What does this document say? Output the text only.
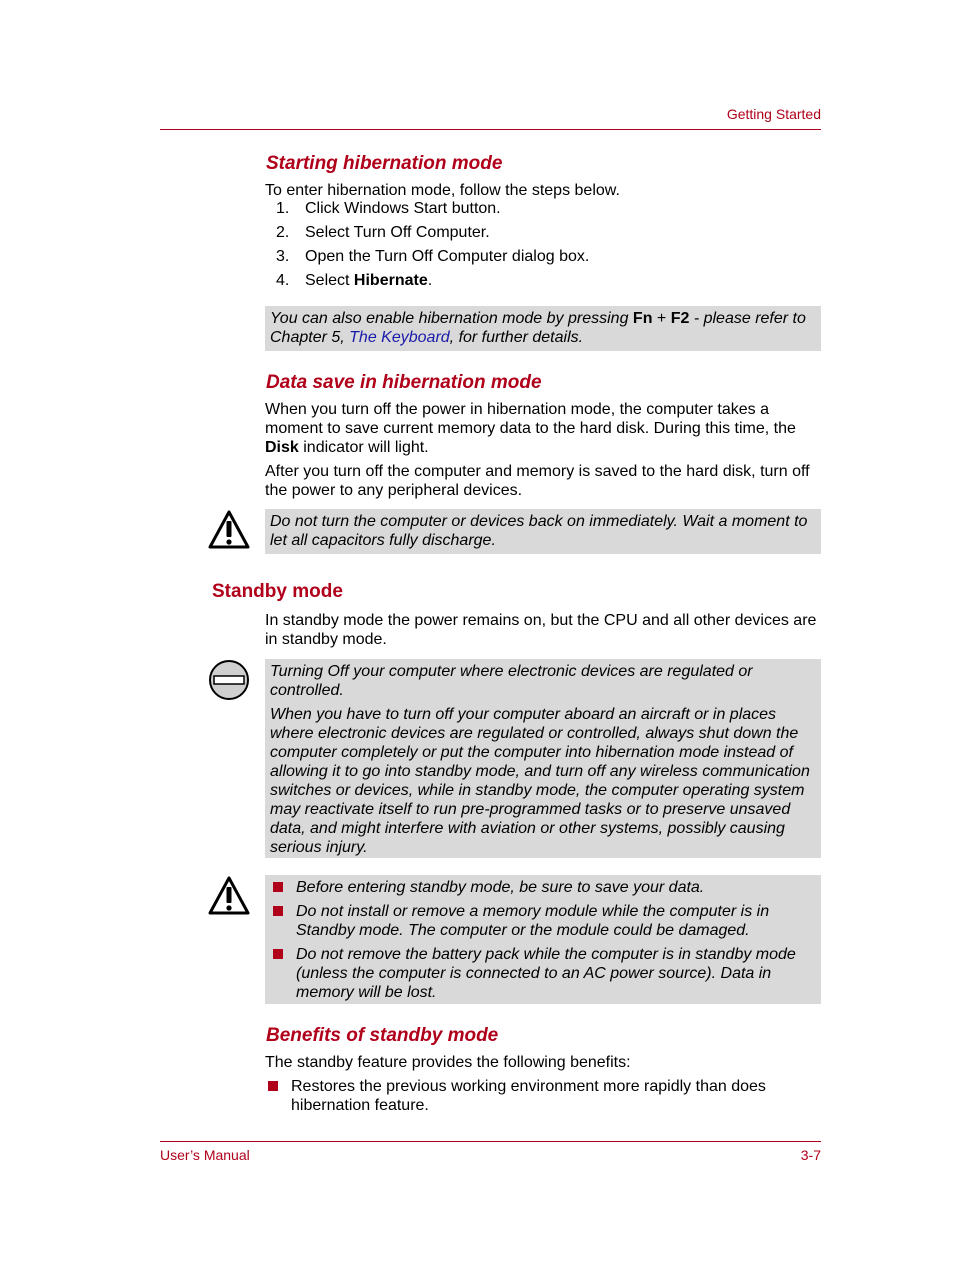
Getting Started
Starting hibernation mode
To enter hibernation mode, follow the steps below.
1. Click Windows Start button.
2. Select Turn Off Computer.
3. Open the Turn Off Computer dialog box.
4. Select Hibernate.
You can also enable hibernation mode by pressing Fn + F2 - please refer to Chapter 5, The Keyboard, for further details.
Data save in hibernation mode
When you turn off the power in hibernation mode, the computer takes a moment to save current memory data to the hard disk. During this time, the Disk indicator will light.
After you turn off the computer and memory is saved to the hard disk, turn off the power to any peripheral devices.
Do not turn the computer or devices back on immediately. Wait a moment to let all capacitors fully discharge.
Standby mode
In standby mode the power remains on, but the CPU and all other devices are in standby mode.

Turning Off your computer where electronic devices are regulated or controlled.

When you have to turn off your computer aboard an aircraft or in places where electronic devices are regulated or controlled, always shut down the computer completely or put the computer into hibernation mode instead of allowing it to go into standby mode, and turn off any wireless communication switches or devices, while in standby mode, the computer operating system may reactivate itself to run pre-programmed tasks or to preserve unsaved data, and might interfere with aviation or other systems, possibly causing serious injury.

Before entering standby mode, be sure to save your data.
Do not install or remove a memory module while the computer is in Standby mode. The computer or the module could be damaged.
Do not remove the battery pack while the computer is in standby mode (unless the computer is connected to an AC power source). Data in memory will be lost.
Benefits of standby mode
The standby feature provides the following benefits:
Restores the previous working environment more rapidly than does hibernation feature.
User’s Manual	3-7
